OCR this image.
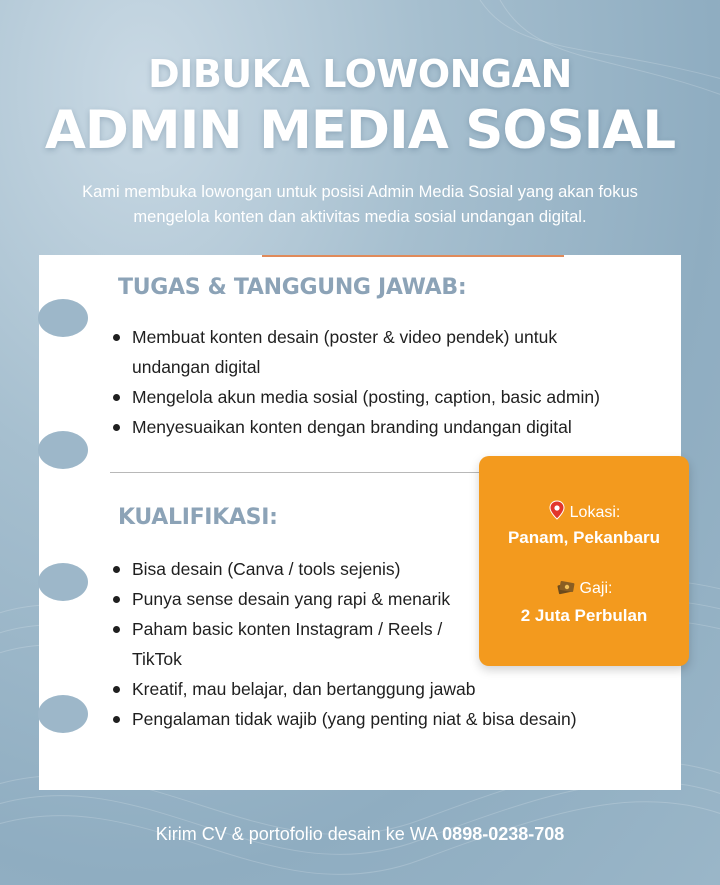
DIBUKA LOWONGAN
ADMIN MEDIA SOSIAL
Kami membuka lowongan untuk posisi Admin Media Sosial yang akan fokus mengelola konten dan aktivitas media sosial undangan digital.
TUGAS & TANGGUNG JAWAB:
Membuat konten desain (poster & video pendek) untuk undangan digital
Mengelola akun media sosial (posting, caption, basic admin)
Menyesuaikan konten dengan branding undangan digital
KUALIFIKASI:
Bisa desain (Canva / tools sejenis)
Punya sense desain yang rapi & menarik
Paham basic konten Instagram / Reels / TikTok
Kreatif, mau belajar, dan bertanggung jawab
Pengalaman tidak wajib (yang penting niat & bisa desain)
Lokasi:
Panam, Pekanbaru
Gaji:
2 Juta Perbulan
Kirim CV & portofolio desain ke WA 0898-0238-708
